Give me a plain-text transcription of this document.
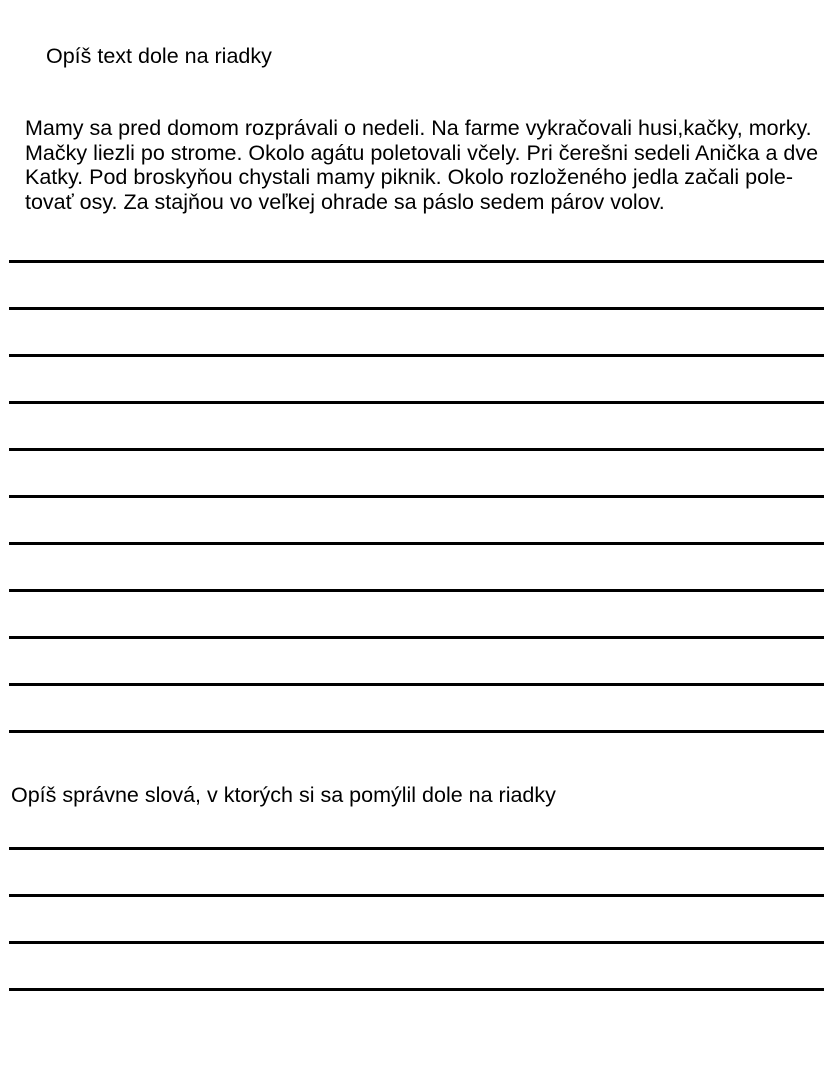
Opíš text dole na riadky
Mamy sa pred domom rozprávali o nedeli. Na farme vykračovali husi,kačky, morky.
Mačky liezli po strome. Okolo agátu poletovali včely. Pri čerešni sedeli Anička a dve
Katky. Pod broskyňou chystali mamy piknik. Okolo rozloženého jedla začali pole-
tovať osy. Za stajňou vo veľkej ohrade sa páslo sedem párov volov.
Opíš správne slová, v ktorých si sa pomýlil dole na riadky
